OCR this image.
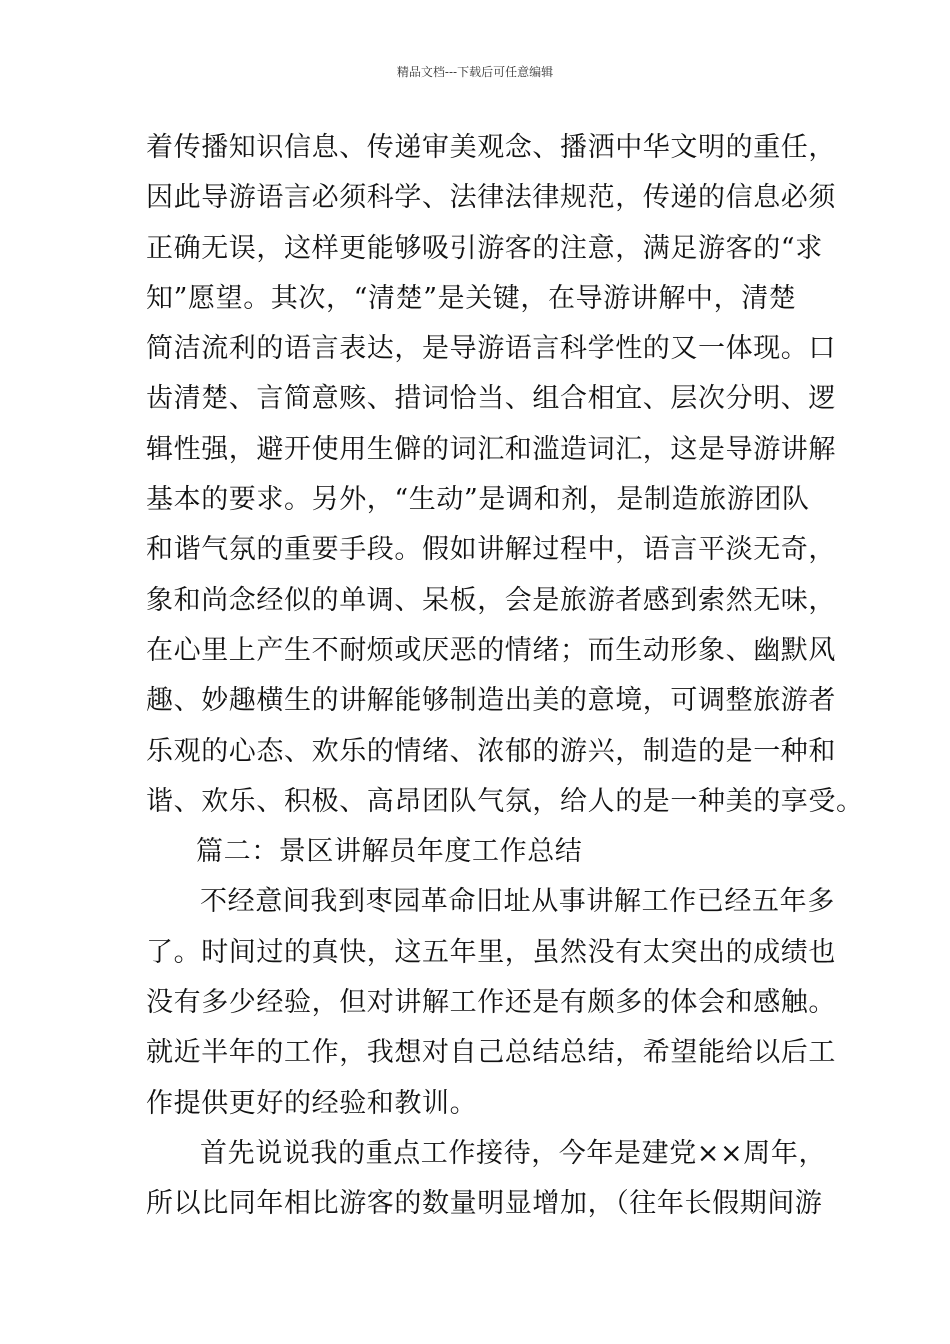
精品文档---下载后可任意编辑
着传播知识信息、传递审美观念、播洒中华文明的重任，
因此导游语言必须科学、法律法律规范，传递的信息必须
正确无误，这样更能够吸引游客的注意，满足游客的“求
知”愿望。其次，“清楚”是关键，在导游讲解中，清楚
简洁流利的语言表达，是导游语言科学性的又一体现。口
齿清楚、言简意赅、措词恰当、组合相宜、层次分明、逻
辑性强，避开使用生僻的词汇和滥造词汇，这是导游讲解
基本的要求。另外，“生动”是调和剂，是制造旅游团队
和谐气氛的重要手段。假如讲解过程中，语言平淡无奇，
象和尚念经似的单调、呆板，会是旅游者感到索然无味，
在心里上产生不耐烦或厌恶的情绪；而生动形象、幽默风
趣、妙趣横生的讲解能够制造出美的意境，可调整旅游者
乐观的心态、欢乐的情绪、浓郁的游兴，制造的是一种和
谐、欢乐、积极、高昂团队气氛，给人的是一种美的享受。
篇二：景区讲解员年度工作总结
不经意间我到枣园革命旧址从事讲解工作已经五年多
了。时间过的真快，这五年里，虽然没有太突出的成绩也
没有多少经验，但对讲解工作还是有颇多的体会和感触。
就近半年的工作，我想对自己总结总结，希望能给以后工
作提供更好的经验和教训。
首先说说我的重点工作接待，今年是建党××周年，
所以比同年相比游客的数量明显增加，（往年长假期间游
